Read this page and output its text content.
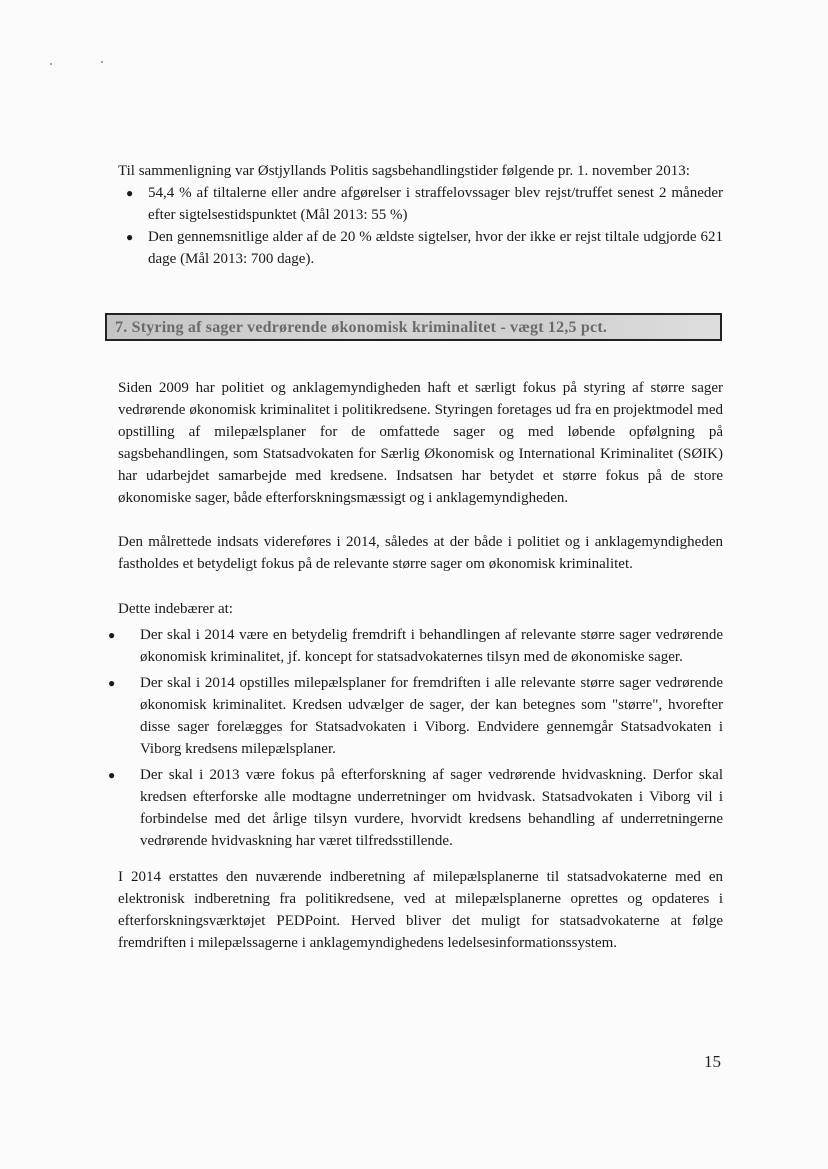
Til sammenligning var Østjyllands Politis sagsbehandlingstider følgende pr. 1. november 2013:

● 54,4 % af tiltalerne eller andre afgørelser i straffelovssager blev rejst/truffet senest 2 måneder efter sigtelsestidspunktet (Mål 2013: 55 %)
● Den gennemsnitlige alder af de 20 % ældste sigtelser, hvor der ikke er rejst tiltale udgjorde 621 dage (Mål 2013: 700 dage).
7. Styring af sager vedrørende økonomisk kriminalitet - vægt 12,5 pct.

Siden 2009 har politiet og anklagemyndigheden haft et særligt fokus på styring af større sager vedrørende økonomisk kriminalitet i politikredsene. Styringen foretages ud fra en projektmodel med opstilling af milepælsplaner for de omfattede sager og med løbende opfølgning på sagsbehandlingen, som Statsadvokaten for Særlig Økonomisk og International Kriminalitet (SØIK) har udarbejdet samarbejde med kredsene. Indsatsen har betydet et større fokus på de store økonomiske sager, både efterforskningsmæssigt og i anklagemyndigheden.

Den målrettede indsats videreføres i 2014, således at der både i politiet og i anklagemyndigheden fastholdes et betydeligt fokus på de relevante større sager om økonomisk kriminalitet.

Dette indebærer at:

● Der skal i 2014 være en betydelig fremdrift i behandlingen af relevante større sager vedrørende økonomisk kriminalitet, jf. koncept for statsadvokaternes tilsyn med de økonomiske sager.
● Der skal i 2014 opstilles milepælsplaner for fremdriften i alle relevante større sager vedrørende økonomisk kriminalitet. Kredsen udvælger de sager, der kan betegnes som "større", hvorefter disse sager forelægges for Statsadvokaten i Viborg. Endvidere gennemgår Statsadvokaten i Viborg kredsens milepælsplaner.
● Der skal i 2013 være fokus på efterforskning af sager vedrørende hvidvaskning. Derfor skal kredsen efterforske alle modtagne underretninger om hvidvask. Statsadvokaten i Viborg vil i forbindelse med det årlige tilsyn vurdere, hvorvidt kredsens behandling af underretningerne vedrørende hvidvaskning har været tilfredsstillende.

I 2014 erstattes den nuværende indberetning af milepælsplanerne til statsadvokaterne med en elektronisk indberetning fra politikredsene, ved at milepælsplanerne oprettes og opdateres i efterforskningsværktøjet PEDPoint. Herved bliver det muligt for statsadvokaterne at følge fremdriften i milepælssagerne i anklagemyndighedens ledelsesinformationssystem.

15
